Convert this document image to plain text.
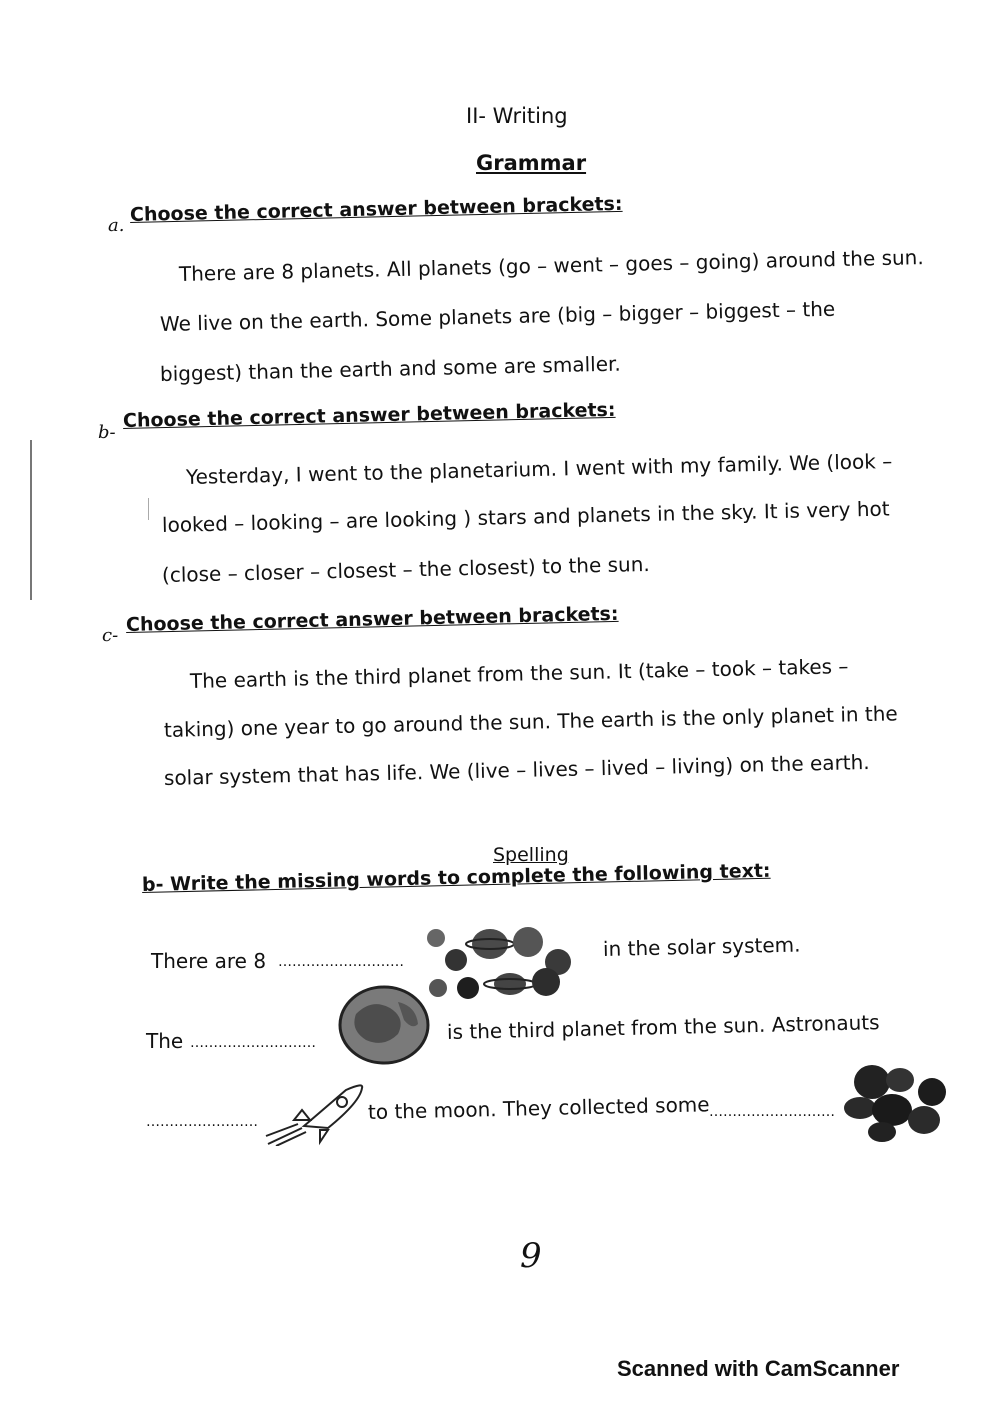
II- Writing
Grammar
a. Choose the correct answer between brackets:
There are 8 planets. All planets (go – went – goes – going) around the sun.
We live on the earth. Some planets are (big – bigger – biggest – the
biggest) than the earth and some are smaller.
b-
Choose the correct answer between brackets:
Yesterday, I went to the planetarium. I went with my family. We (look –
looked – looking – are looking ) stars and planets in the sky. It is very hot
(close – closer – closest – the closest) to the sun.
c- Choose the correct answer between brackets:
The earth is the third planet from the sun. It (take – took – takes –
taking) one year to go around the sun. The earth is the only planet in the
solar system that has life. We (live – lives – lived – living) on the earth.
Spelling
b- Write the missing words to complete the following text:
There are 8 ………………………
in the solar system.
The ………………………	is the third planet from the sun. Astronauts
……………………	to the moon. They collected some ………………………
9
Scanned with CamScanner
